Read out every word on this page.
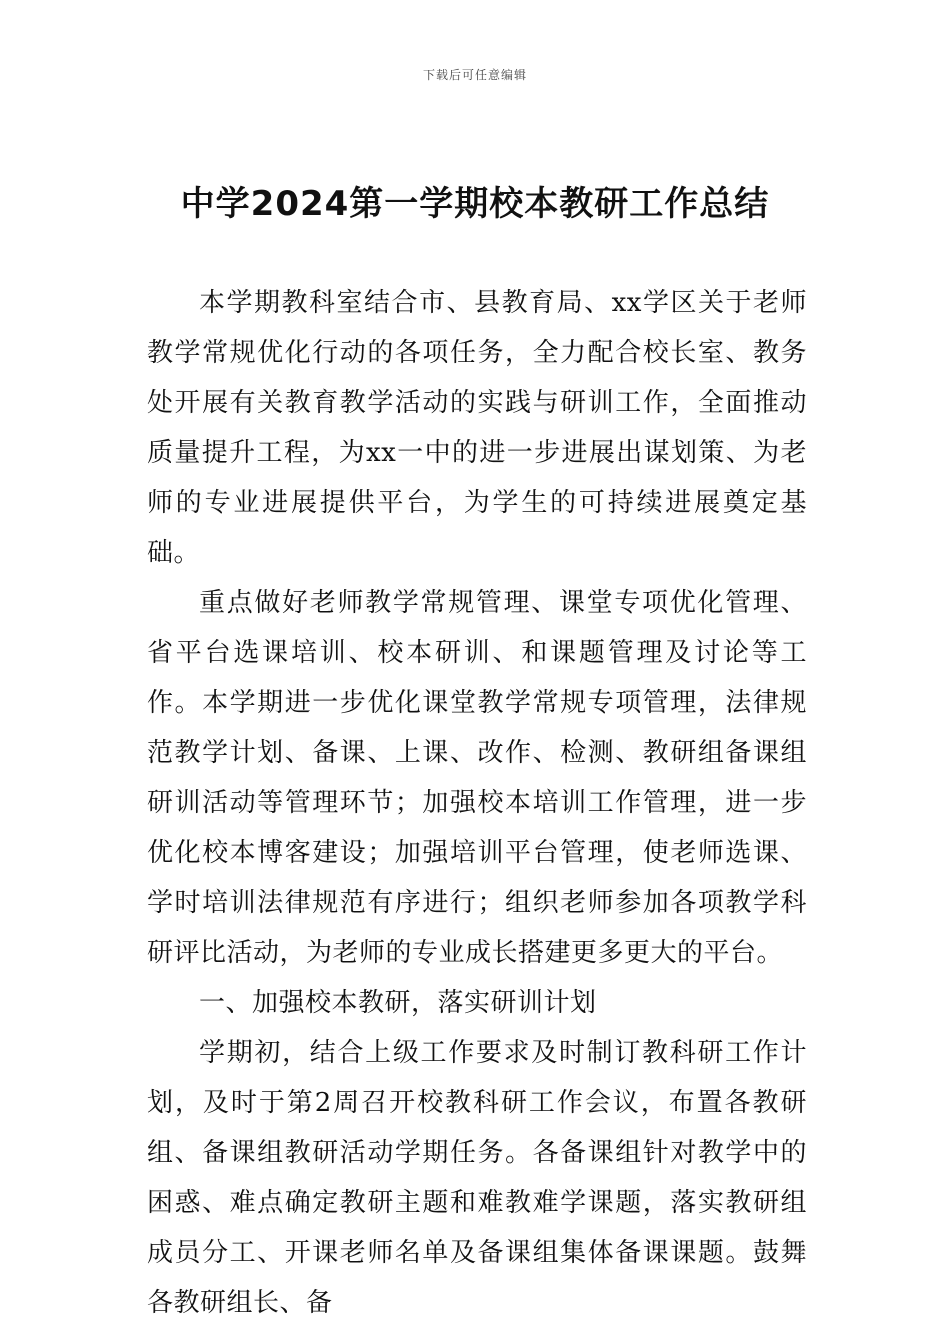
下载后可任意编辑
中学2024第一学期校本教研工作总结

本学期教科室结合市、县教育局、xx学区关于老师教学常规优化行动的各项任务，全力配合校长室、教务处开展有关教育教学活动的实践与研训工作，全面推动质量提升工程，为xx一中的进一步进展出谋划策、为老师的专业进展提供平台，为学生的可持续进展奠定基础。

重点做好老师教学常规管理、课堂专项优化管理、省平台选课培训、校本研训、和课题管理及讨论等工作。本学期进一步优化课堂教学常规专项管理，法律规范教学计划、备课、上课、改作、检测、教研组备课组研训活动等管理环节；加强校本培训工作管理，进一步优化校本博客建设；加强培训平台管理，使老师选课、学时培训法律规范有序进行；组织老师参加各项教学科研评比活动，为老师的专业成长搭建更多更大的平台。

一、加强校本教研，落实研训计划

学期初，结合上级工作要求及时制订教科研工作计划，及时于第2周召开校教科研工作会议，布置各教研组、备课组教研活动学期任务。各备课组针对教学中的困惑、难点确定教研主题和难教难学课题，落实教研组成员分工、开课老师名单及备课组集体备课课题。鼓舞各教研组长、备
